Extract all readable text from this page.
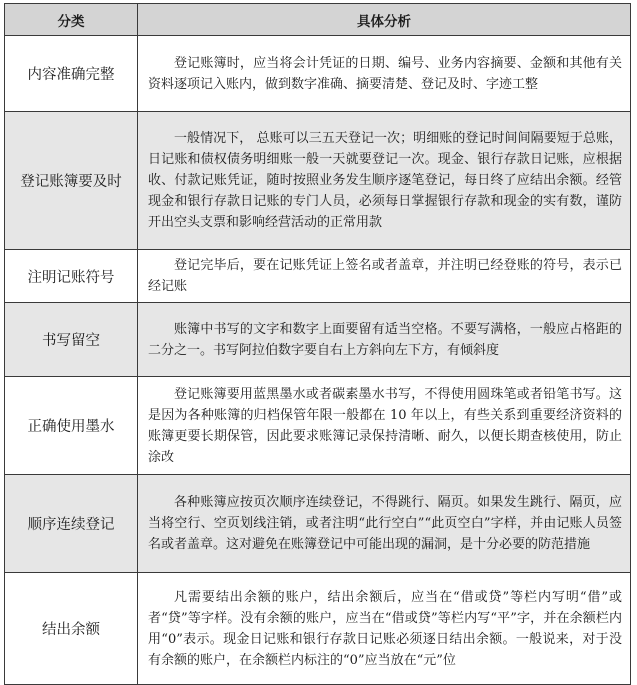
分类	具体分析
内容准确完整	登记账簿时，应当将会计凭证的日期、编号、业务内容摘要、金额和其他有关资料逐项记入账内，做到数字准确、摘要清楚、登记及时、字迹工整

登记账簿要及时	一般情况下， 总账可以三五天登记一次；明细账的登记时间间隔要短于总账，日记账和债权债务明细账一般一天就要登记一次。现金、银行存款日记账，应根据收、付款记账凭证，随时按照业务发生顺序逐笔登记，每日终了应结出余额。经管现金和银行存款日记账的专门人员，必须每日掌握银行存款和现金的实有数，谨防开出空头支票和影响经营活动的正常用款

注明记账符号	登记完毕后，要在记账凭证上签名或者盖章，并注明已经登账的符号，表示已经记账

书写留空	账簿中书写的文字和数字上面要留有适当空格。不要写满格，一般应占格距的二分之一。书写阿拉伯数字要自右上方斜向左下方，有倾斜度

正确使用墨水	登记账簿要用蓝黑墨水或者碳素墨水书写，不得使用圆珠笔或者铅笔书写。这是因为各种账簿的归档保管年限一般都在 10 年以上，有些关系到重要经济资料的账簿更要长期保管，因此要求账簿记录保持清晰、耐久，以便长期查核使用，防止涂改

顺序连续登记	各种账簿应按页次顺序连续登记，不得跳行、隔页。如果发生跳行、隔页，应当将空行、空页划线注销，或者注明“此行空白”“此页空白”字样，并由记账人员签名或者盖章。这对避免在账簿登记中可能出现的漏洞，是十分必要的防范措施

结出余额	凡需要结出余额的账户，结出余额后，应当在“借或贷”等栏内写明“借”或者“贷”等字样。没有余额的账户，应当在“借或贷”等栏内写“平”字，并在余额栏内用“0”表示。现金日记账和银行存款日记账必须逐日结出余额。一般说来，对于没有余额的账户，在余额栏内标注的“0”应当放在“元”位
